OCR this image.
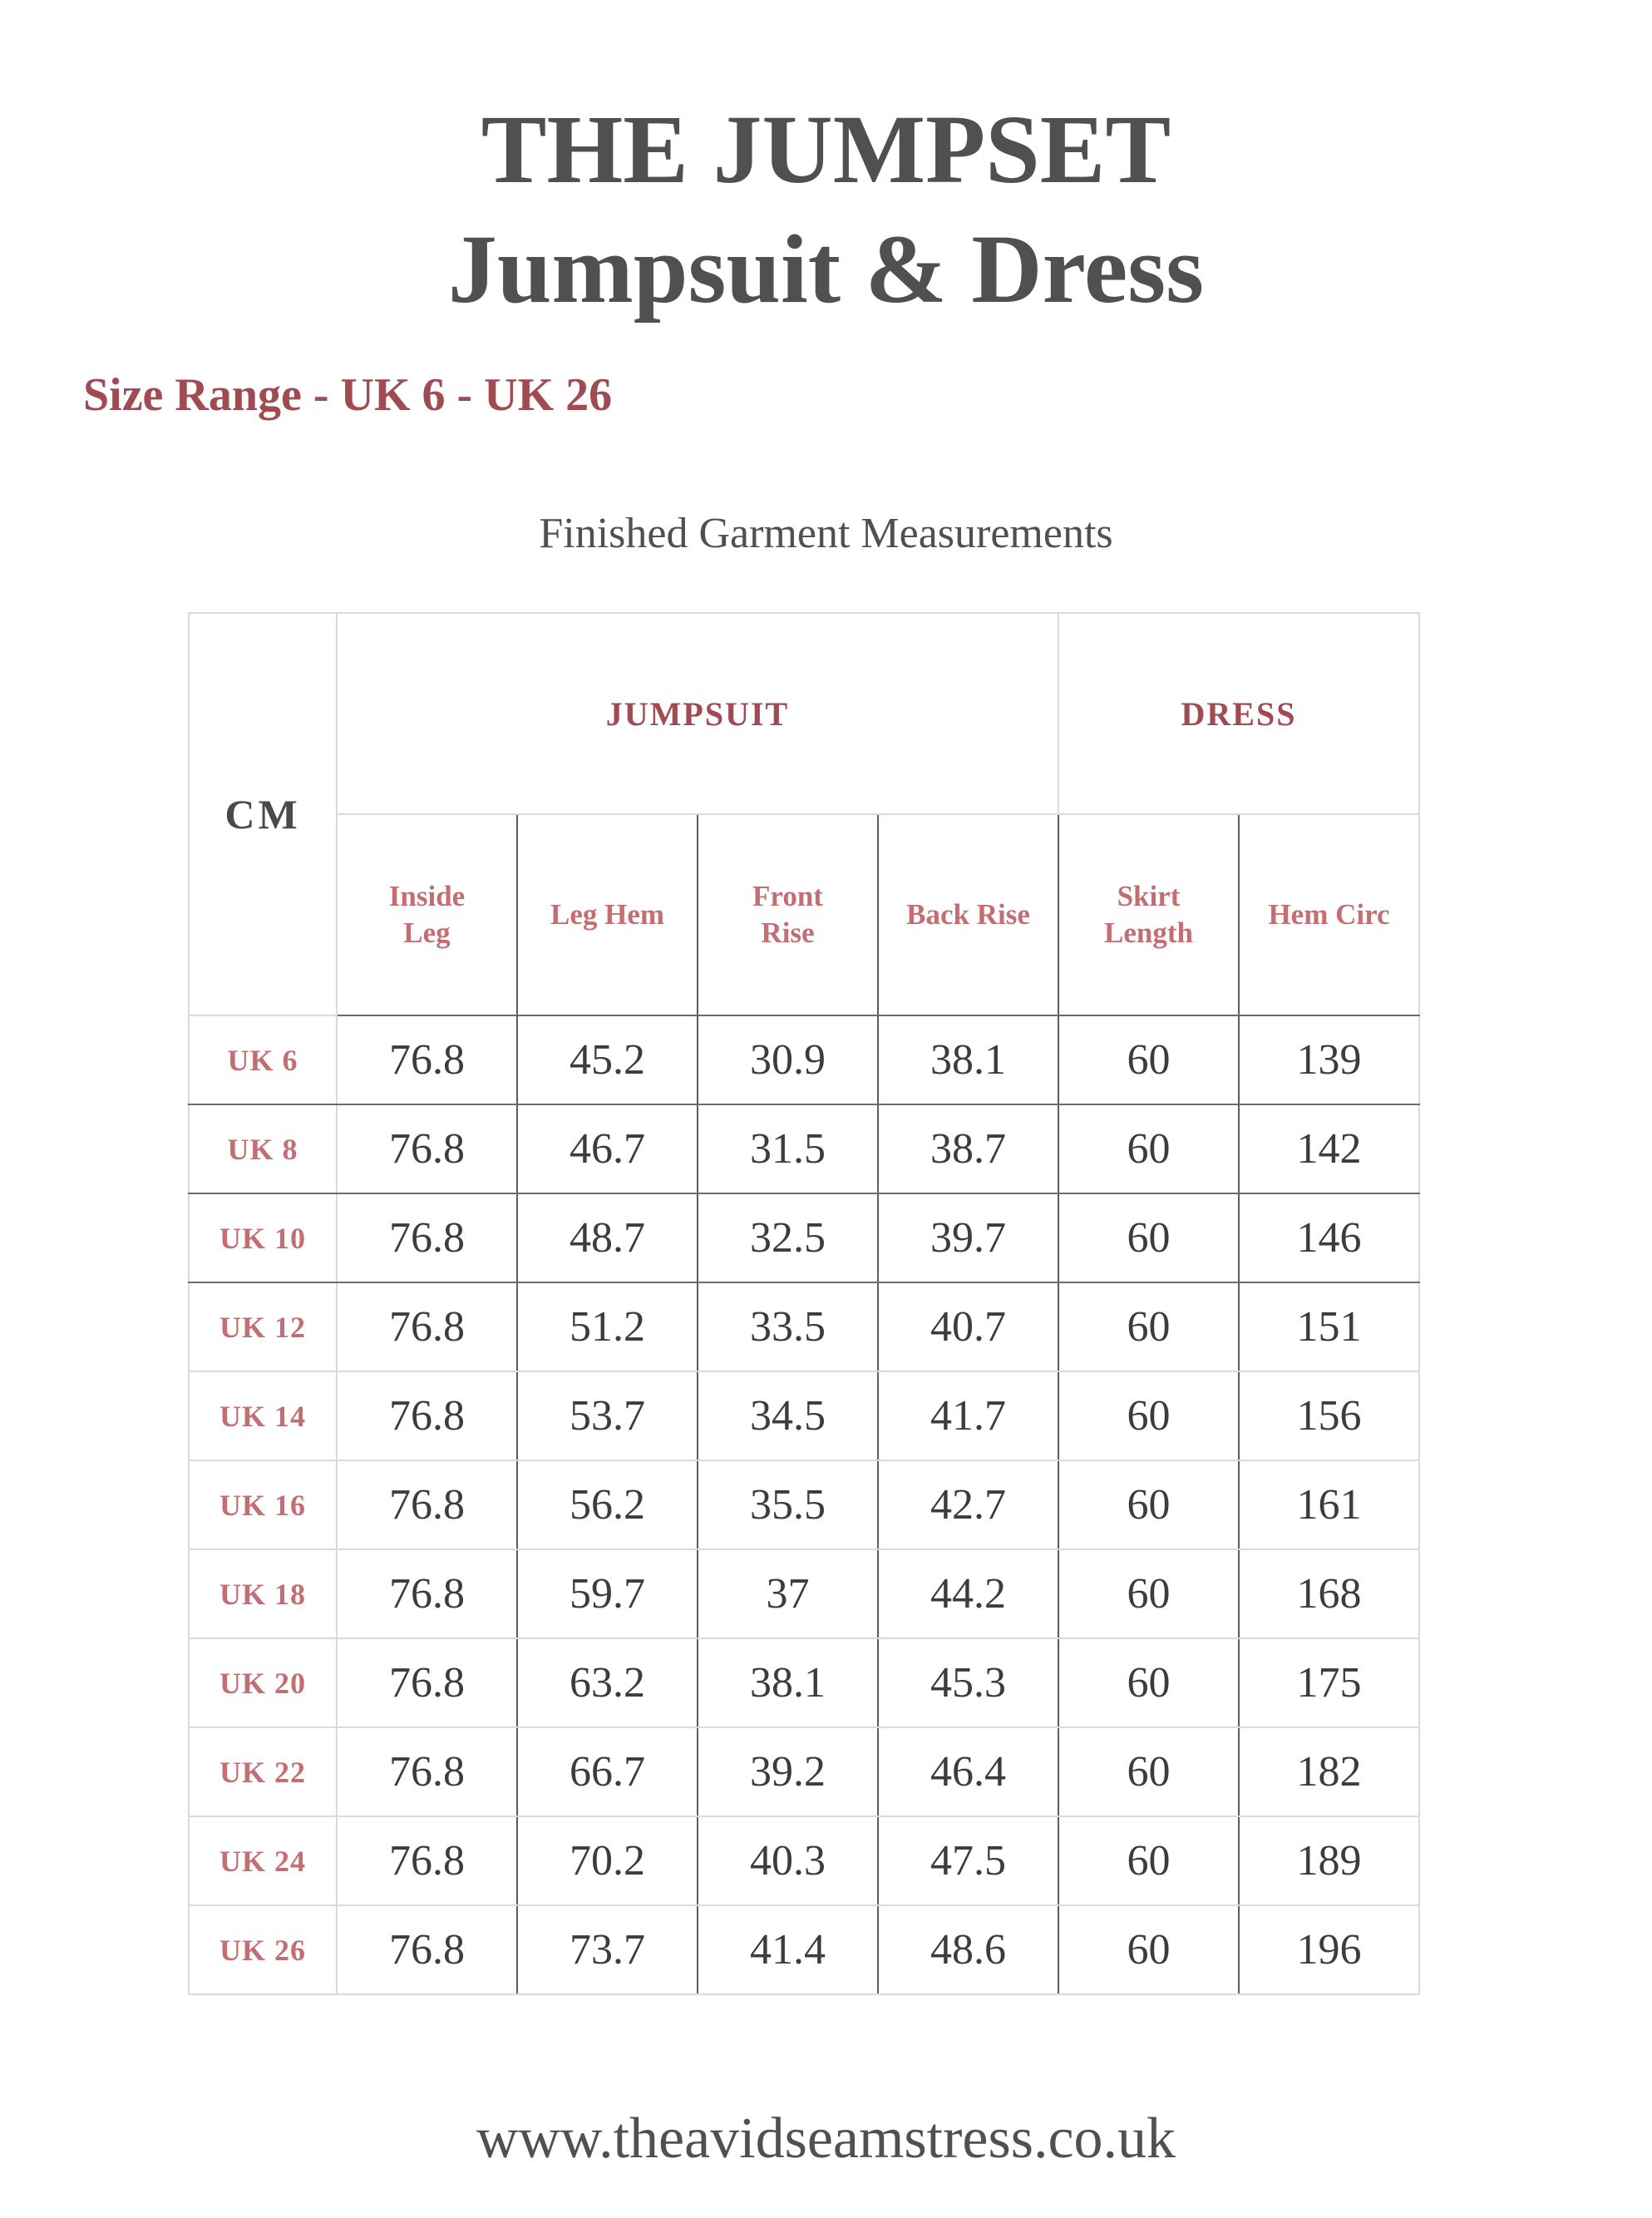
THE JUMPSET
Jumpsuit & Dress

Size Range - UK 6 - UK 26

Finished Garment Measurements

CM	JUMPSUIT				DRESS	
	Inside Leg	Leg Hem	Front Rise	Back Rise	Skirt Length	Hem Circ
UK 6	76.8	45.2	30.9	38.1	60	139
UK 8	76.8	46.7	31.5	38.7	60	142
UK 10	76.8	48.7	32.5	39.7	60	146
UK 12	76.8	51.2	33.5	40.7	60	151
UK 14	76.8	53.7	34.5	41.7	60	156
UK 16	76.8	56.2	35.5	42.7	60	161
UK 18	76.8	59.7	37	44.2	60	168
UK 20	76.8	63.2	38.1	45.3	60	175
UK 22	76.8	66.7	39.2	46.4	60	182
UK 24	76.8	70.2	40.3	47.5	60	189
UK 26	76.8	73.7	41.4	48.6	60	196

www.theavidseamstress.co.uk
